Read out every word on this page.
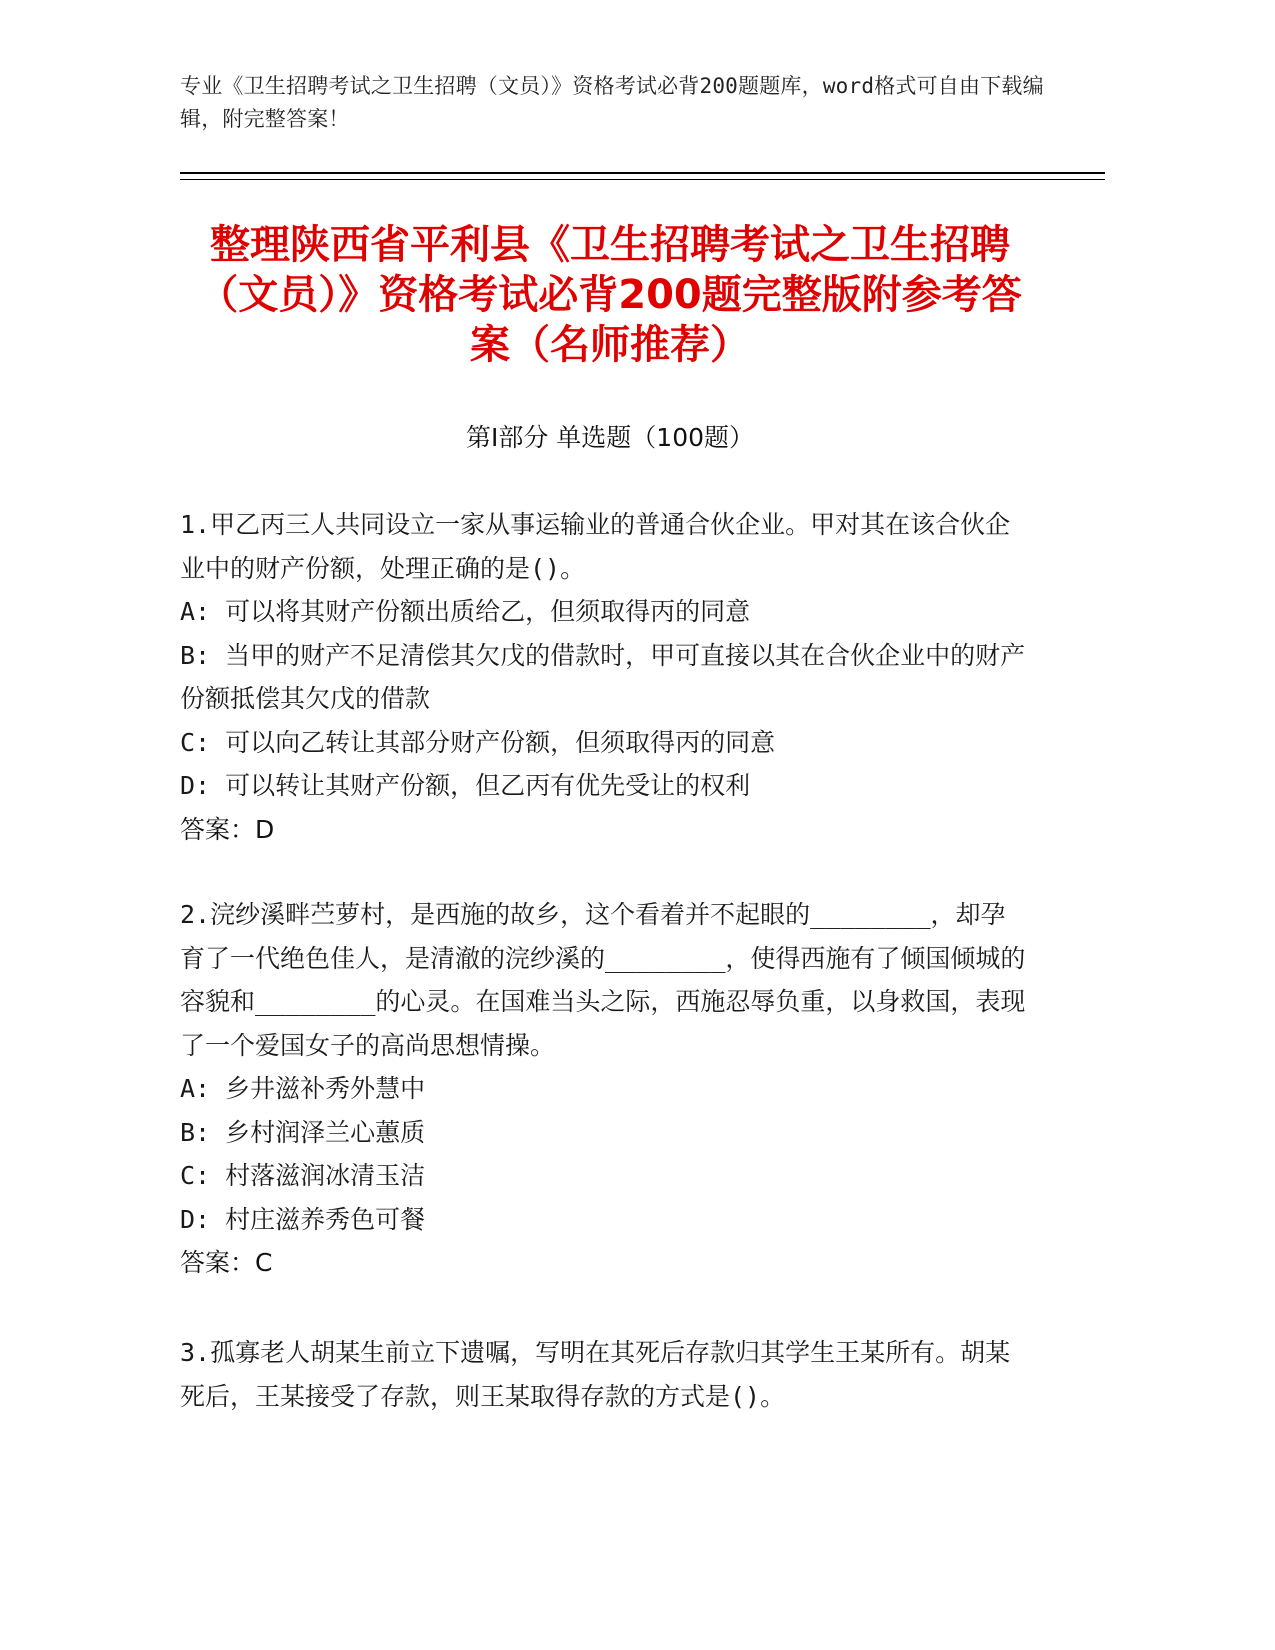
专业《卫生招聘考试之卫生招聘（文员）》资格考试必背200题题库，word格式可自由下载编辑，附完整答案！
整理陕西省平利县《卫生招聘考试之卫生招聘（文员）》资格考试必背200题完整版附参考答案（名师推荐）
第Ⅰ部分 单选题（100题）

1.甲乙丙三人共同设立一家从事运输业的普通合伙企业。甲对其在该合伙企业中的财产份额，处理正确的是()。

A: 可以将其财产份额出质给乙，但须取得丙的同意

B: 当甲的财产不足清偿其欠戊的借款时，甲可直接以其在合伙企业中的财产份额抵偿其欠戊的借款

C: 可以向乙转让其部分财产份额，但须取得丙的同意

D: 可以转让其财产份额，但乙丙有优先受让的权利

答案：D

2.浣纱溪畔苎萝村，是西施的故乡，这个看着并不起眼的________，却孕育了一代绝色佳人，是清澈的浣纱溪的________，使得西施有了倾国倾城的容貌和________的心灵。在国难当头之际，西施忍辱负重，以身救国，表现了一个爱国女子的高尚思想情操。

A: 乡井滋补秀外慧中

B: 乡村润泽兰心蕙质

C: 村落滋润冰清玉洁

D: 村庄滋养秀色可餐

答案：C

3.孤寡老人胡某生前立下遗嘱，写明在其死后存款归其学生王某所有。胡某死后，王某接受了存款，则王某取得存款的方式是()。
